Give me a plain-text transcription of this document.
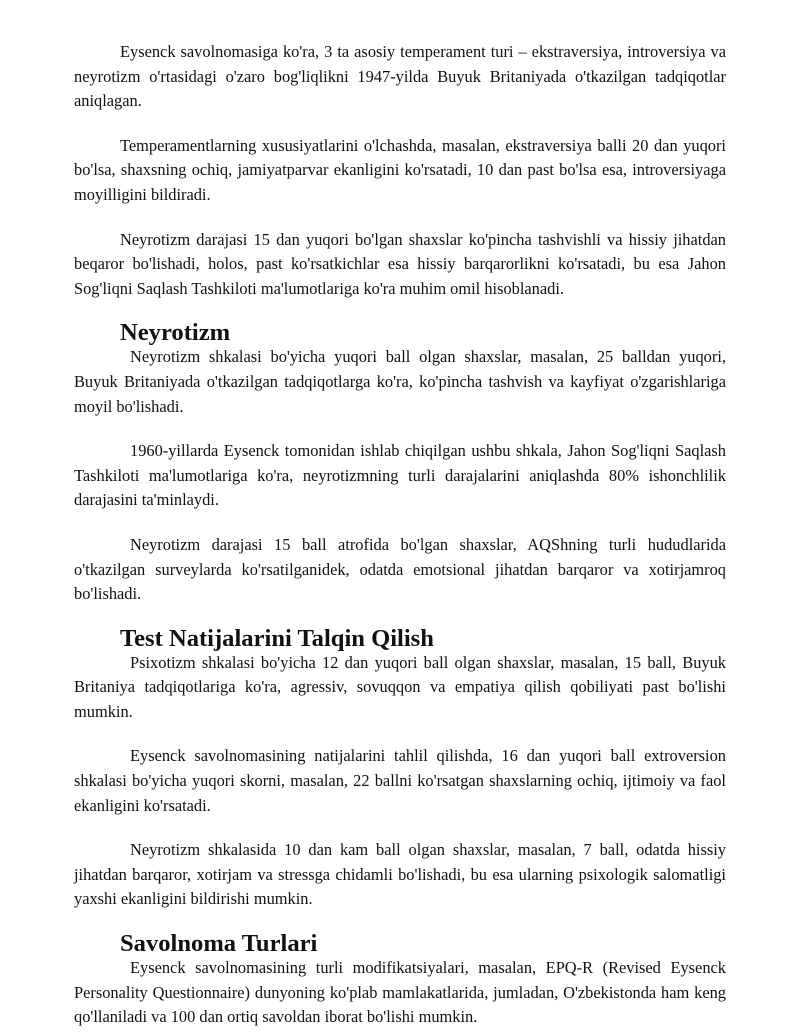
Eysenck savolnomasiga ko'ra, 3 ta asosiy temperament turi – ekstraversiya, introversiya va neyrotizm o'rtasidagi o'zaro bog'liqlikni 1947-yilda Buyuk Britaniyada o'tkazilgan tadqiqotlar aniqlagan.

Temperamentlarning xususiyatlarini o'lchashda, masalan, ekstraversiya balli 20 dan yuqori bo'lsa, shaxsning ochiq, jamiyatparvar ekanligini ko'rsatadi, 10 dan past bo'lsa esa, introversiyaga moyilligini bildiradi.

Neyrotizm darajasi 15 dan yuqori bo'lgan shaxslar ko'pincha tashvishli va hissiy jihatdan beqaror bo'lishadi, holos, past ko'rsatkichlar esa hissiy barqarorlikni ko'rsatadi, bu esa Jahon Sog'liqni Saqlash Tashkiloti ma'lumotlariga ko'ra muhim omil hisoblanadi.

Neyrotizm

Neyrotizm shkalasi bo'yicha yuqori ball olgan shaxslar, masalan, 25 balldan yuqori, Buyuk Britaniyada o'tkazilgan tadqiqotlarga ko'ra, ko'pincha tashvish va kayfiyat o'zgarishlariga moyil bo'lishadi.

1960-yillarda Eysenck tomonidan ishlab chiqilgan ushbu shkala, Jahon Sog'liqni Saqlash Tashkiloti ma'lumotlariga ko'ra, neyrotizmning turli darajalarini aniqlashda 80% ishonchlilik darajasini ta'minlaydi.

Neyrotizm darajasi 15 ball atrofida bo'lgan shaxslar, AQShning turli hududlarida o'tkazilgan surveylarda ko'rsatilganidek, odatda emotsional jihatdan barqaror va xotirjamroq bo'lishadi.

Test Natijalarini Talqin Qilish

Psixotizm shkalasi bo'yicha 12 dan yuqori ball olgan shaxslar, masalan, 15 ball, Buyuk Britaniya tadqiqotlariga ko'ra, agressiv, sovuqqon va empatiya qilish qobiliyati past bo'lishi mumkin.

Eysenck savolnomasining natijalarini tahlil qilishda, 16 dan yuqori ball extroversion shkalasi bo'yicha yuqori skorni, masalan, 22 ballni ko'rsatgan shaxslarning ochiq, ijtimoiy va faol ekanligini ko'rsatadi.

Neyrotizm shkalasida 10 dan kam ball olgan shaxslar, masalan, 7 ball, odatda hissiy jihatdan barqaror, xotirjam va stressga chidamli bo'lishadi, bu esa ularning psixologik salomatligi yaxshi ekanligini bildirishi mumkin.

Savolnoma Turlari

Eysenck savolnomasining turli modifikatsiyalari, masalan, EPQ-R (Revised Eysenck Personality Questionnaire) dunyoning ko'plab mamlakatlarida, jumladan, O'zbekistonda ham keng qo'llaniladi va 100 dan ortiq savoldan iborat bo'lishi mumkin.
